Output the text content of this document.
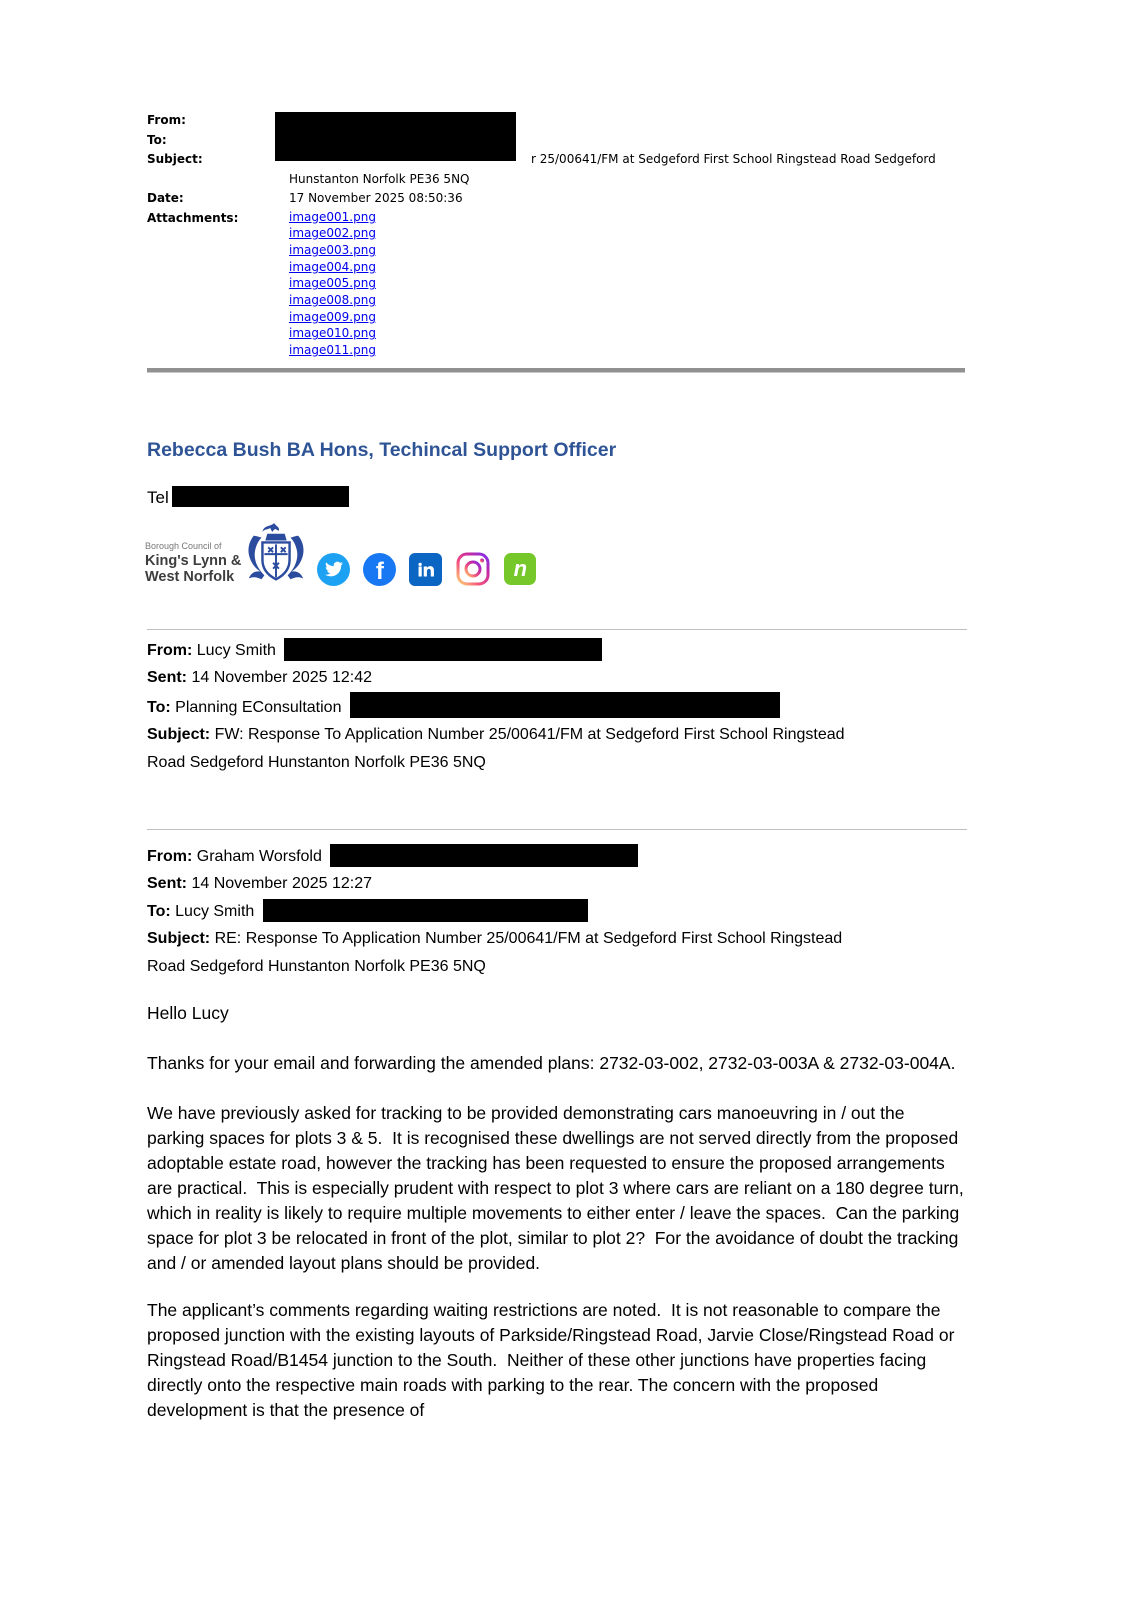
From:
To:
Subject:	r 25/00641/FM at Sedgeford First School Ringstead Road Sedgeford
Hunstanton Norfolk PE36 5NQ
Date:	17 November 2025 08:50:36
Attachments:	image001.png
image002.png
image003.png
image004.png
image005.png
image008.png
image009.png
image010.png
image011.png
Rebecca Bush BA Hons, Techincal Support Officer
Tel
Borough Council of
King's Lynn &
West Norfolk	f	n

From: Lucy Smith

Sent: 14 November 2025 12:42

To: Planning EConsultation

Subject: FW: Response To Application Number 25/00641/FM at Sedgeford First School Ringstead
Road Sedgeford Hunstanton Norfolk PE36 5NQ

From: Graham Worsfold

Sent: 14 November 2025 12:27

To: Lucy Smith

Subject: RE: Response To Application Number 25/00641/FM at Sedgeford First School Ringstead
Road Sedgeford Hunstanton Norfolk PE36 5NQ

Hello Lucy

Thanks for your email and forwarding the amended plans: 2732-03-002, 2732-03-003A & 2732-03-004A.

We have previously asked for tracking to be provided demonstrating cars manoeuvring in / out the parking spaces for plots 3 & 5.  It is recognised these dwellings are not served directly from the proposed adoptable estate road, however the tracking has been requested to ensure the proposed arrangements are practical.  This is especially prudent with respect to plot 3 where cars are reliant on a 180 degree turn, which in reality is likely to require multiple movements to either enter / leave the spaces.  Can the parking space for plot 3 be relocated in front of the plot, similar to plot 2?  For the avoidance of doubt the tracking and / or amended layout plans should be provided.

The applicant’s comments regarding waiting restrictions are noted.  It is not reasonable to compare the proposed junction with the existing layouts of Parkside/Ringstead Road, Jarvie Close/Ringstead Road or Ringstead Road/B1454 junction to the South.  Neither of these other junctions have properties facing directly onto the respective main roads with parking to the rear. The concern with the proposed development is that the presence of
